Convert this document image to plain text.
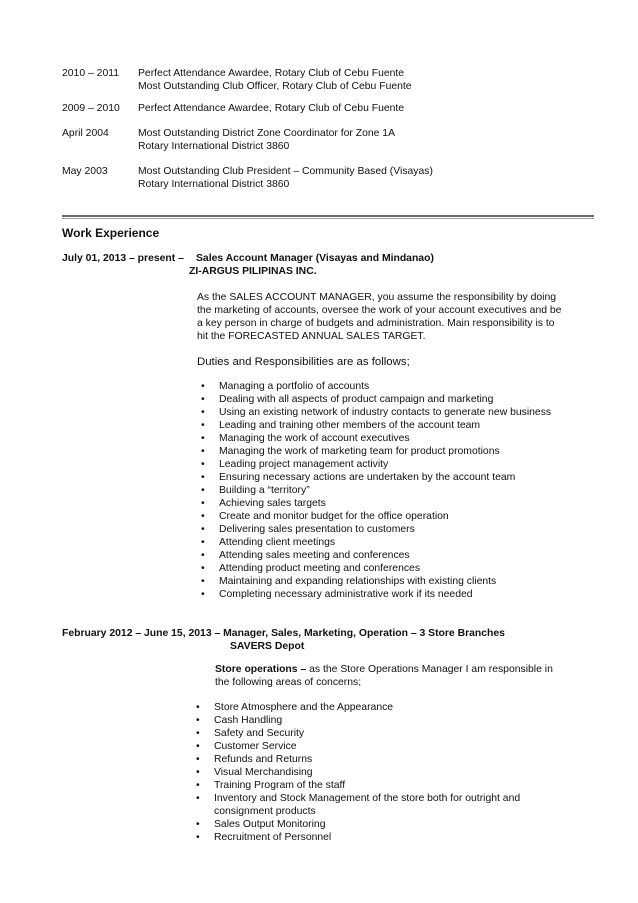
2010 – 2011 Perfect Attendance Awardee, Rotary Club of Cebu Fuente
Most Outstanding Club Officer, Rotary Club of Cebu Fuente
2009 – 2010 Perfect Attendance Awardee, Rotary Club of Cebu Fuente
April 2004	Most Outstanding District Zone Coordinator for Zone 1A
Rotary International District 3860
May 2003	Most Outstanding Club President – Community Based (Visayas)
Rotary International District 3860
Work Experience
July 01, 2013 – present – Sales Account Manager (Visayas and Mindanao)
ZI-ARGUS PILIPINAS INC.
As the SALES ACCOUNT MANAGER, you assume the responsibility by doing
the marketing of accounts, oversee the work of your account executives and be
a key person in charge of budgets and administration. Main responsibility is to
hit the FORECASTED ANNUAL SALES TARGET.
Duties and Responsibilities are as follows;
• Managing a portfolio of accounts
• Dealing with all aspects of product campaign and marketing
• Using an existing network of industry contacts to generate new business
• Leading and training other members of the account team
• Managing the work of account executives
• Managing the work of marketing team for product promotions
• Leading project management activity
• Ensuring necessary actions are undertaken by the account team
• Building a “territory”
• Achieving sales targets
• Create and monitor budget for the office operation
• Delivering sales presentation to customers
• Attending client meetings
• Attending sales meeting and conferences
• Attending product meeting and conferences
• Maintaining and expanding relationships with existing clients
• Completing necessary administrative work if its needed
February 2012 – June 15, 2013 – Manager, Sales, Marketing, Operation – 3 Store Branches
SAVERS Depot
Store operations – as the Store Operations Manager I am responsible in
the following areas of concerns;
• Store Atmosphere and the Appearance
• Cash Handling
• Safety and Security
• Customer Service
• Refunds and Returns
• Visual Merchandising
• Training Program of the staff
• Inventory and Stock Management of the store both for outright and
consignment products
• Sales Output Monitoring
• Recruitment of Personnel
